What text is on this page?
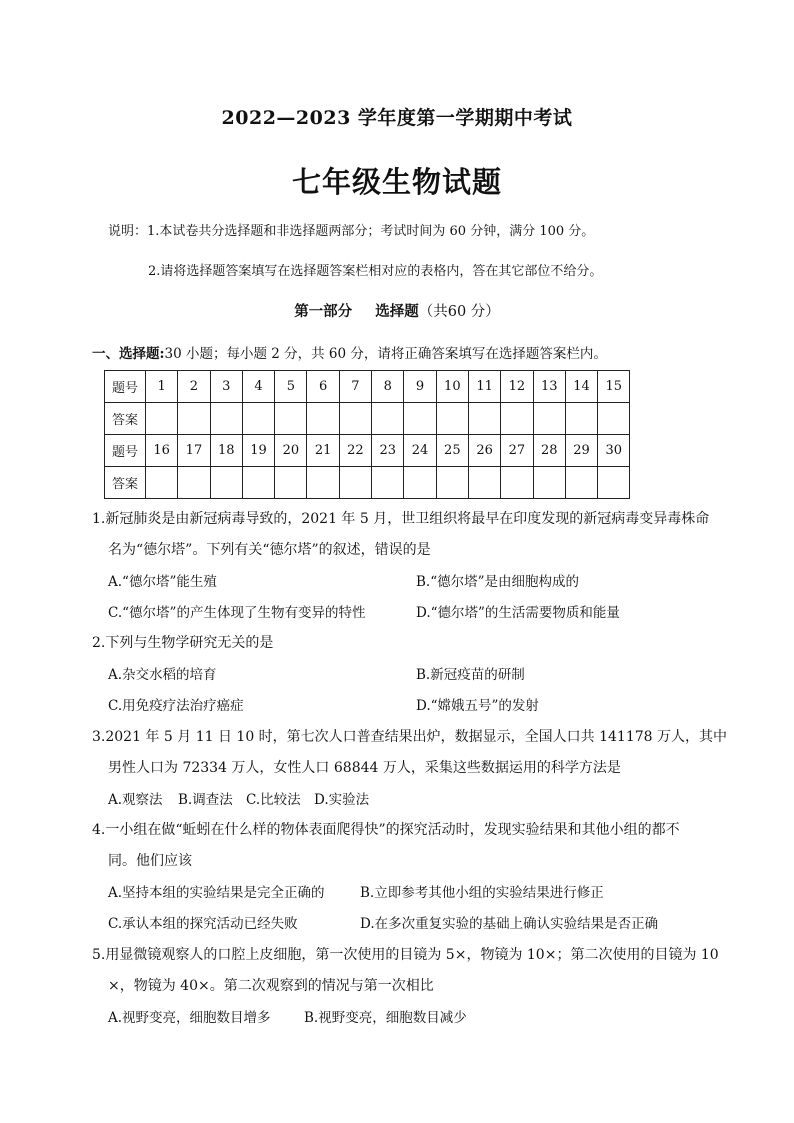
2022—2023 学年度第一学期期中考试
七年级生物试题
说明：1.本试卷共分选择题和非选择题两部分；考试时间为 60 分钟，满分 100 分。
2.请将选择题答案填写在选择题答案栏相对应的表格内，答在其它部位不给分。
第一部分 选择题（共60 分）
一、选择题:30 小题；每小题 2 分，共 60 分，请将正确答案填写在选择题答案栏内。
题号	1	2	3	4	5	6	7	8	9	10	11	12	13	14	15
答案															
题号	16	17	18	19	20	21	22	23	24	25	26	27	28	29	30
答案															
1.新冠肺炎是由新冠病毒导致的，2021 年 5 月，世卫组织将最早在印度发现的新冠病毒变异毒株命
名为“德尔塔”。下列有关“德尔塔”的叙述，错误的是
A.“德尔塔”能生殖	B.“德尔塔”是由细胞构成的
C.“德尔塔”的产生体现了生物有变异的特性	D.“德尔塔”的生活需要物质和能量
2.下列与生物学研究无关的是
A.杂交水稻的培育	B.新冠疫苗的研制
C.用免疫疗法治疗癌症	D.“嫦娥五号”的发射
3.2021 年 5 月 11 日 10 时，第七次人口普查结果出炉，数据显示，全国人口共 141178 万人，其中
男性人口为 72334 万人，女性人口 68844 万人，采集这些数据运用的科学方法是
A.观察法 B.调查法 C.比较法 D.实验法
4.一小组在做“蚯蚓在什么样的物体表面爬得快”的探究活动时，发现实验结果和其他小组的都不
同。他们应该
A.坚持本组的实验结果是完全正确的	B.立即参考其他小组的实验结果进行修正
C.承认本组的探究活动已经失败	D.在多次重复实验的基础上确认实验结果是否正确
5.用显微镜观察人的口腔上皮细胞，第一次使用的目镜为 5×，物镜为 10×；第二次使用的目镜为 10
×，物镜为 40×。第二次观察到的情况与第一次相比
A.视野变亮，细胞数目增多 B.视野变亮，细胞数目减少
